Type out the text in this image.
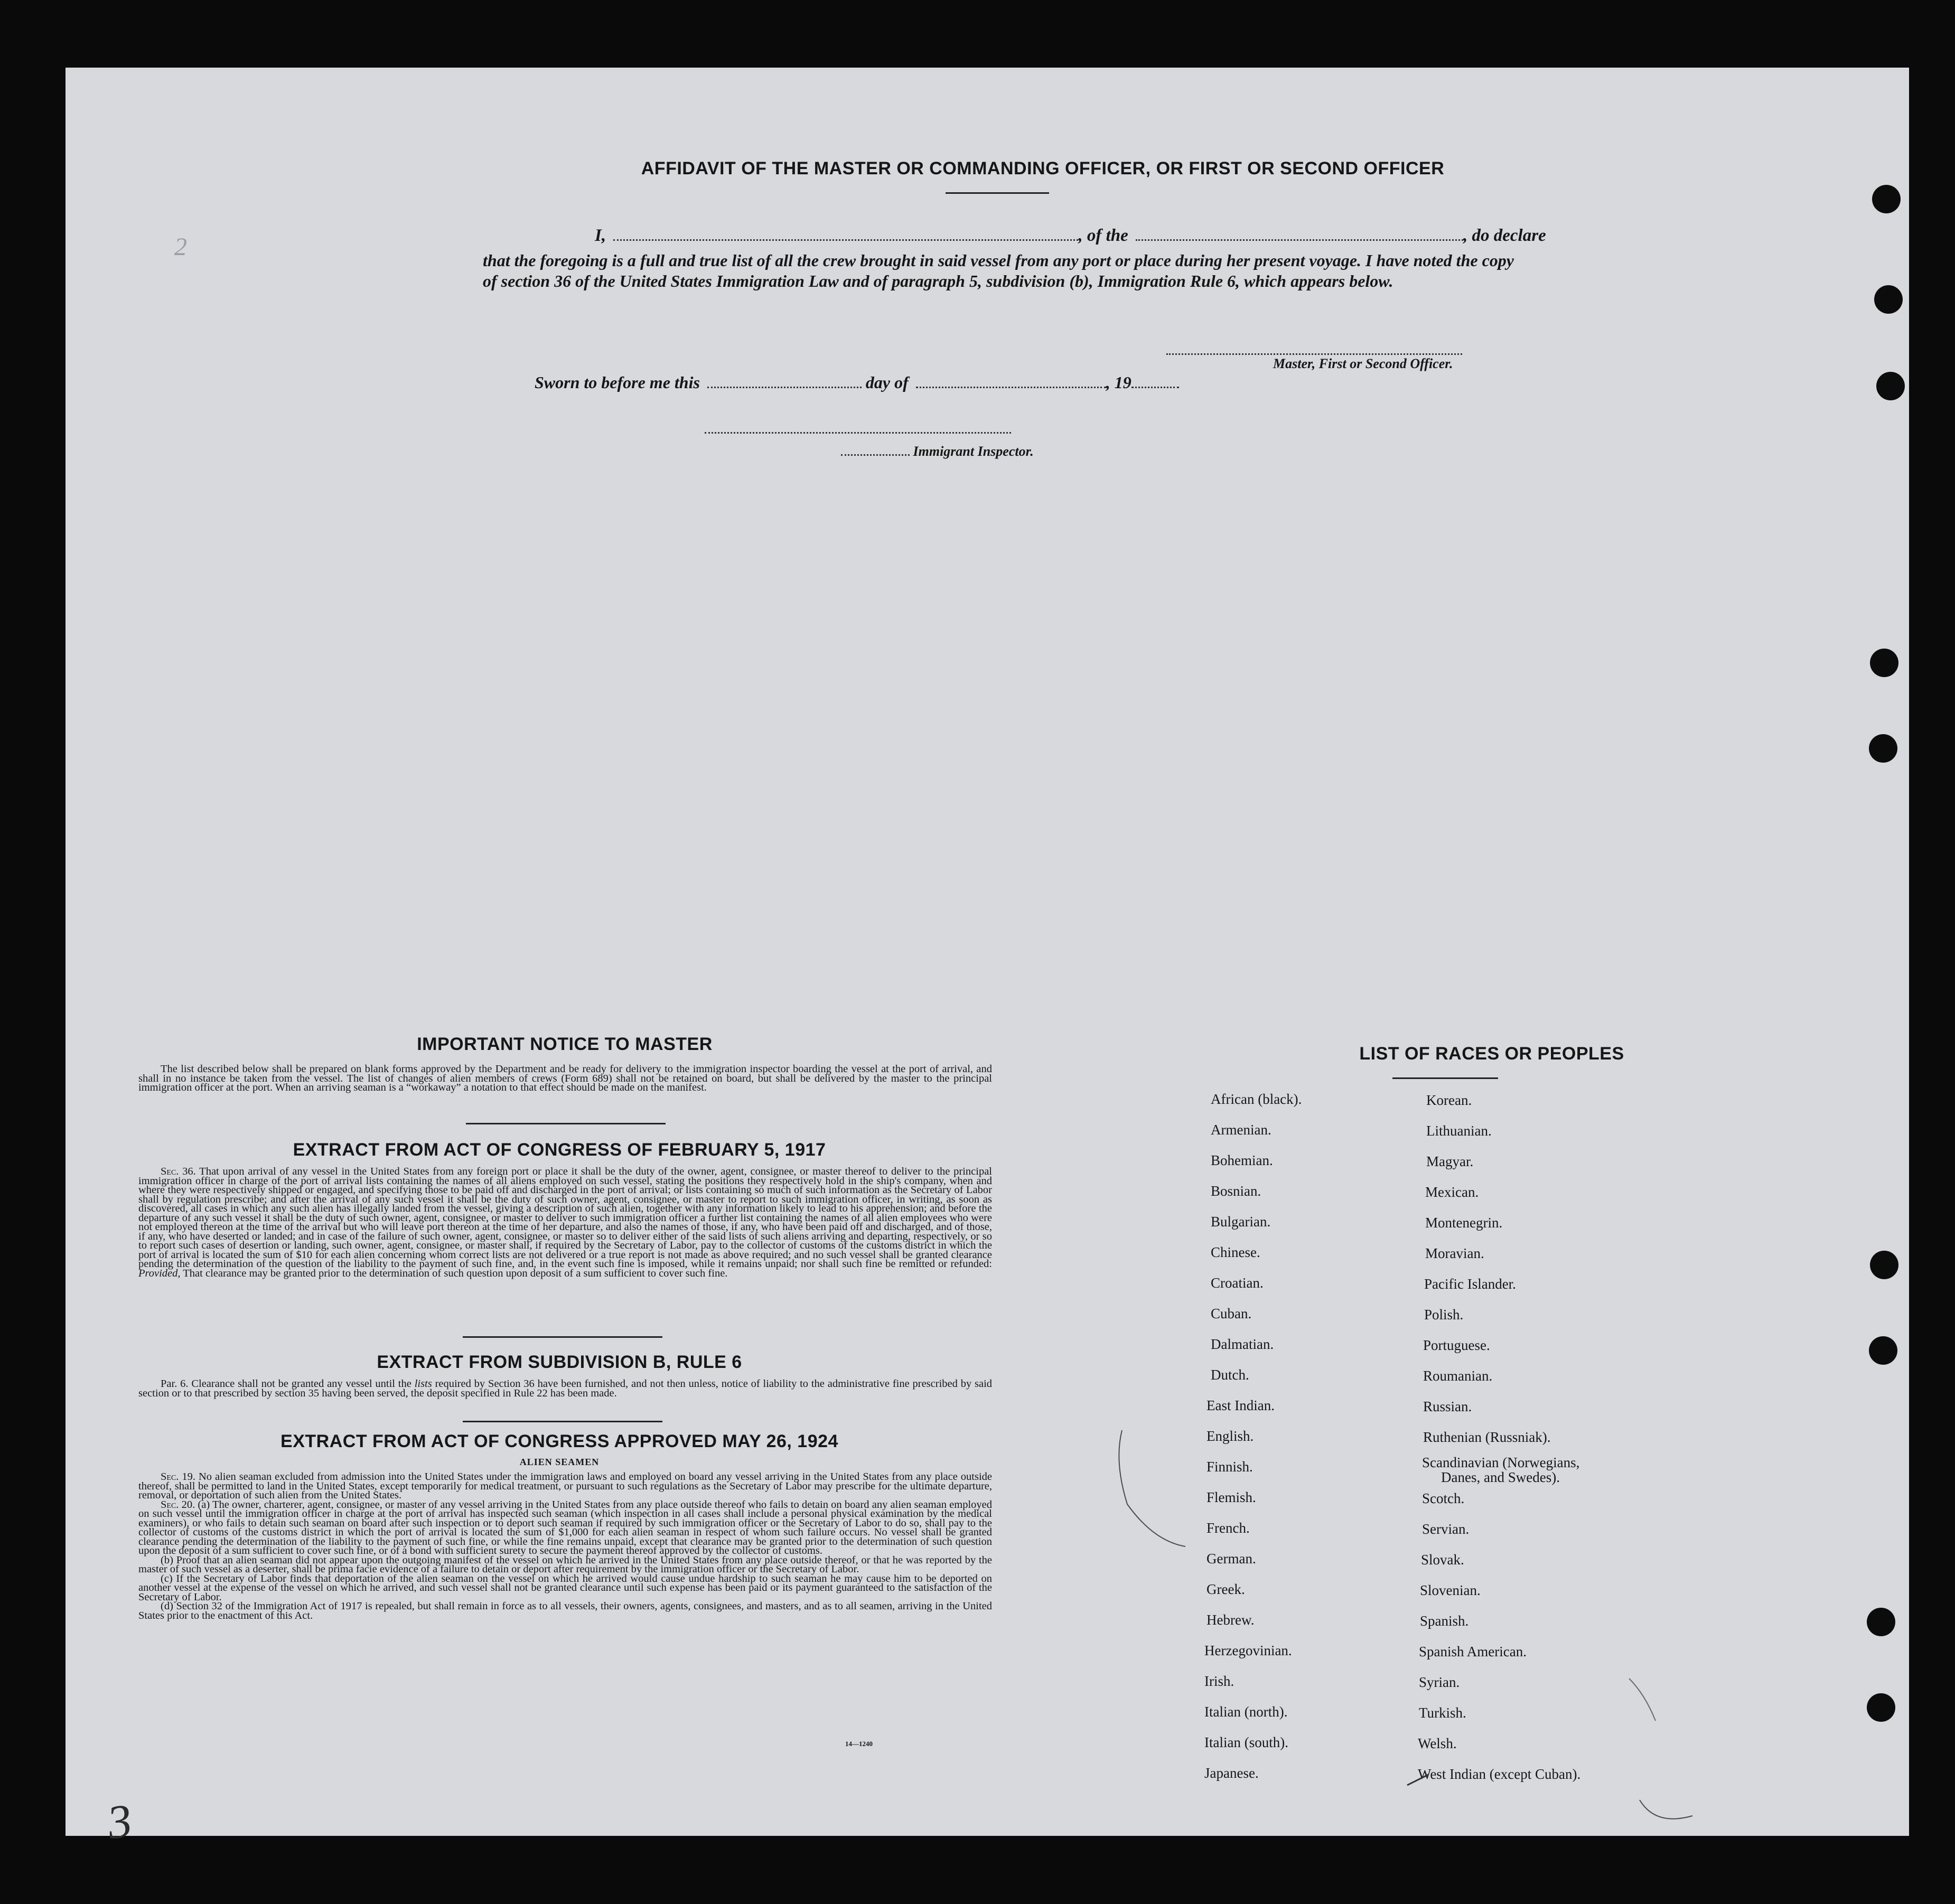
2
3
AFFIDAVIT OF THE MASTER OR COMMANDING OFFICER, OR FIRST OR SECOND OFFICER
I,	, of the	, do declare

that the foregoing is a full and true list of all the crew brought in said vessel from any port or place during her present voyage. I have noted the copy of section 36 of the United States Immigration Law and of paragraph 5, subdivision (b), Immigration Rule 6, which appears below.

Master, First or Second Officer.
Sworn to before me this	day of	, 19
Immigrant Inspector.
IMPORTANT NOTICE TO MASTER

The list described below shall be prepared on blank forms approved by the Department and be ready for delivery to the immigration inspector boarding the vessel at the port of arrival, and shall in no instance be taken from the vessel. The list of changes of alien members of crews (Form 689) shall not be retained on board, but shall be delivered by the master to the principal immigration officer at the port. When an arriving seaman is a “workaway” a notation to that effect should be made on the manifest.

EXTRACT FROM ACT OF CONGRESS OF FEBRUARY 5, 1917

Sec. 36. That upon arrival of any vessel in the United States from any foreign port or place it shall be the duty of the owner, agent, consignee, or master thereof to deliver to the principal immigration officer in charge of the port of arrival lists containing the names of all aliens employed on such vessel, stating the positions they respectively hold in the ship's company, when and where they were respectively shipped or engaged, and specifying those to be paid off and discharged in the port of arrival; or lists containing so much of such information as the Secretary of Labor shall by regulation prescribe; and after the arrival of any such vessel it shall be the duty of such owner, agent, consignee, or master to report to such immigration officer, in writing, as soon as discovered, all cases in which any such alien has illegally landed from the vessel, giving a description of such alien, together with any information likely to lead to his apprehension; and before the departure of any such vessel it shall be the duty of such owner, agent, consignee, or master to deliver to such immigration officer a further list containing the names of all alien employees who were not employed thereon at the time of the arrival but who will leave port thereon at the time of her departure, and also the names of those, if any, who have been paid off and discharged, and of those, if any, who have deserted or landed; and in case of the failure of such owner, agent, consignee, or master so to deliver either of the said lists of such aliens arriving and departing, respectively, or so to report such cases of desertion or landing, such owner, agent, consignee, or master shall, if required by the Secretary of Labor, pay to the collector of customs of the customs district in which the port of arrival is located the sum of $10 for each alien concerning whom correct lists are not delivered or a true report is not made as above required; and no such vessel shall be granted clearance pending the determination of the question of the liability to the payment of such fine, and, in the event such fine is imposed, while it remains unpaid; nor shall such fine be remitted or refunded: Provided, That clearance may be granted prior to the determination of such question upon deposit of a sum sufficient to cover such fine.

EXTRACT FROM SUBDIVISION B, RULE 6

Par. 6. Clearance shall not be granted any vessel until the lists required by Section 36 have been furnished, and not then unless, notice of liability to the administrative fine prescribed by said section or to that prescribed by section 35 having been served, the deposit specified in Rule 22 has been made.

EXTRACT FROM ACT OF CONGRESS APPROVED MAY 26, 1924
ALIEN SEAMEN

Sec. 19. No alien seaman excluded from admission into the United States under the immigration laws and employed on board any vessel arriving in the United States from any place outside thereof, shall be permitted to land in the United States, except temporarily for medical treatment, or pursuant to such regulations as the Secretary of Labor may prescribe for the ultimate departure, removal, or deportation of such alien from the United States.

Sec. 20. (a) The owner, charterer, agent, consignee, or master of any vessel arriving in the United States from any place outside thereof who fails to detain on board any alien seaman employed on such vessel until the immigration officer in charge at the port of arrival has inspected such seaman (which inspection in all cases shall include a personal physical examination by the medical examiners), or who fails to detain such seaman on board after such inspection or to deport such seaman if required by such immigration officer or the Secretary of Labor to do so, shall pay to the collector of customs of the customs district in which the port of arrival is located the sum of $1,000 for each alien seaman in respect of whom such failure occurs. No vessel shall be granted clearance pending the determination of the liability to the payment of such fine, or while the fine remains unpaid, except that clearance may be granted prior to the determination of such question upon the deposit of a sum sufficient to cover such fine, or of a bond with sufficient surety to secure the payment thereof approved by the collector of customs.

(b) Proof that an alien seaman did not appear upon the outgoing manifest of the vessel on which he arrived in the United States from any place outside thereof, or that he was reported by the master of such vessel as a deserter, shall be prima facie evidence of a failure to detain or deport after requirement by the immigration officer or the Secretary of Labor.

(c) If the Secretary of Labor finds that deportation of the alien seaman on the vessel on which he arrived would cause undue hardship to such seaman he may cause him to be deported on another vessel at the expense of the vessel on which he arrived, and such vessel shall not be granted clearance until such expense has been paid or its payment guaranteed to the satisfaction of the Secretary of Labor.

(d) Section 32 of the Immigration Act of 1917 is repealed, but shall remain in force as to all vessels, their owners, agents, consignees, and masters, and as to all seamen, arriving in the United States prior to the enactment of this Act.

14—1240
LIST OF RACES OR PEOPLES
African (black).
Armenian.
Bohemian.
Bosnian.
Bulgarian.
Chinese.
Croatian.
Cuban.
Dalmatian.
Dutch.
East Indian.
English.
Finnish.
Flemish.
French.
German.
Greek.
Hebrew.
Herzegovinian.
Irish.
Italian (north).
Italian (south).
Japanese.
Korean.
Lithuanian.
Magyar.
Mexican.
Montenegrin.
Moravian.
Pacific Islander.
Polish.
Portuguese.
Roumanian.
Russian.
Ruthenian (Russniak).
Scandinavian (Norwegians,
Danes, and Swedes).
Scotch.
Servian.
Slovak.
Slovenian.
Spanish.
Spanish American.
Syrian.
Turkish.
Welsh.
West Indian (except Cuban).
